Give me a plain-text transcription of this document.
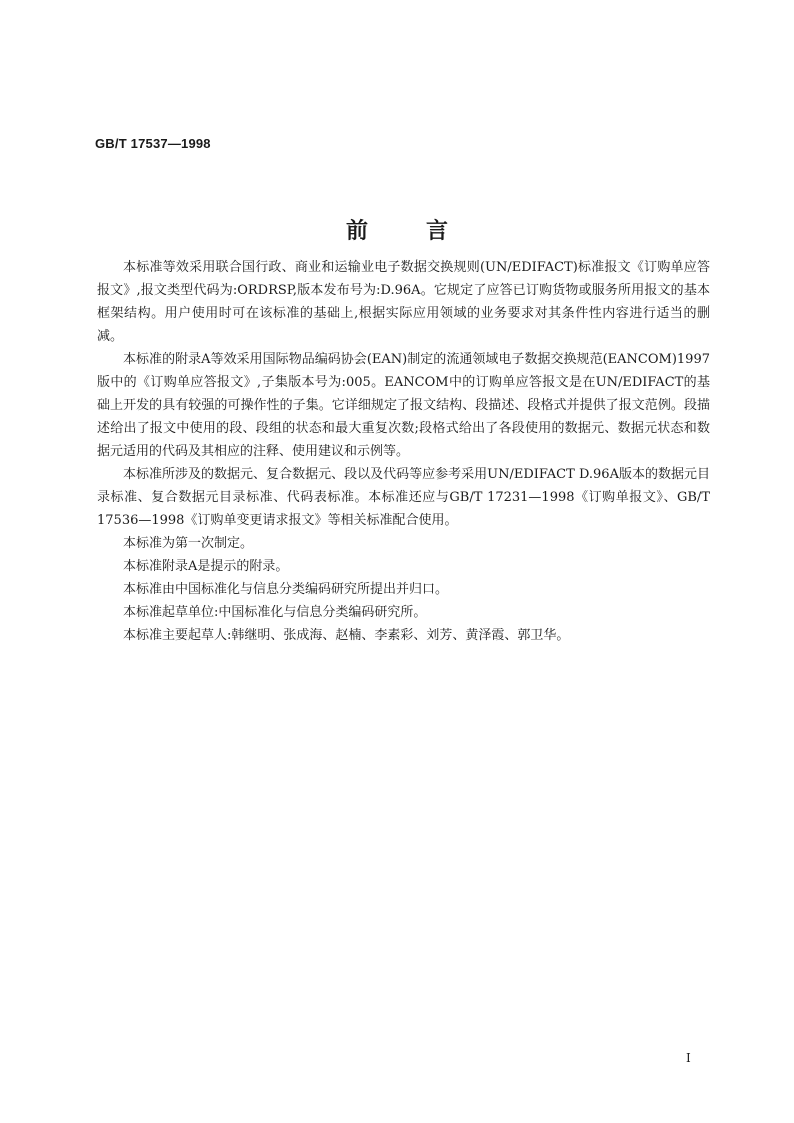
GB/T 17537—1998
前言

本标准等效采用联合国行政、商业和运输业电子数据交换规则(UN/EDIFACT)标准报文《订购单应答报文》,报文类型代码为:ORDRSP,版本发布号为:D.96A。它规定了应答已订购货物或服务所用报文的基本框架结构。用户使用时可在该标准的基础上,根据实际应用领域的业务要求对其条件性内容进行适当的删减。

本标准的附录A等效采用国际物品编码协会(EAN)制定的流通领域电子数据交换规范(EANCOM)1997版中的《订购单应答报文》,子集版本号为:005。EANCOM中的订购单应答报文是在UN/EDIFACT的基础上开发的具有较强的可操作性的子集。它详细规定了报文结构、段描述、段格式并提供了报文范例。段描述给出了报文中使用的段、段组的状态和最大重复次数;段格式给出了各段使用的数据元、数据元状态和数据元适用的代码及其相应的注释、使用建议和示例等。

本标准所涉及的数据元、复合数据元、段以及代码等应参考采用UN/EDIFACT D.96A版本的数据元目录标准、复合数据元目录标准、代码表标准。本标准还应与GB/T 17231—1998《订购单报文》、GB/T 17536—1998《订购单变更请求报文》等相关标准配合使用。

本标准为第一次制定。

本标准附录A是提示的附录。

本标准由中国标准化与信息分类编码研究所提出并归口。

本标准起草单位:中国标准化与信息分类编码研究所。

本标准主要起草人:韩继明、张成海、赵楠、李素彩、刘芳、黄泽霞、郭卫华。

I
